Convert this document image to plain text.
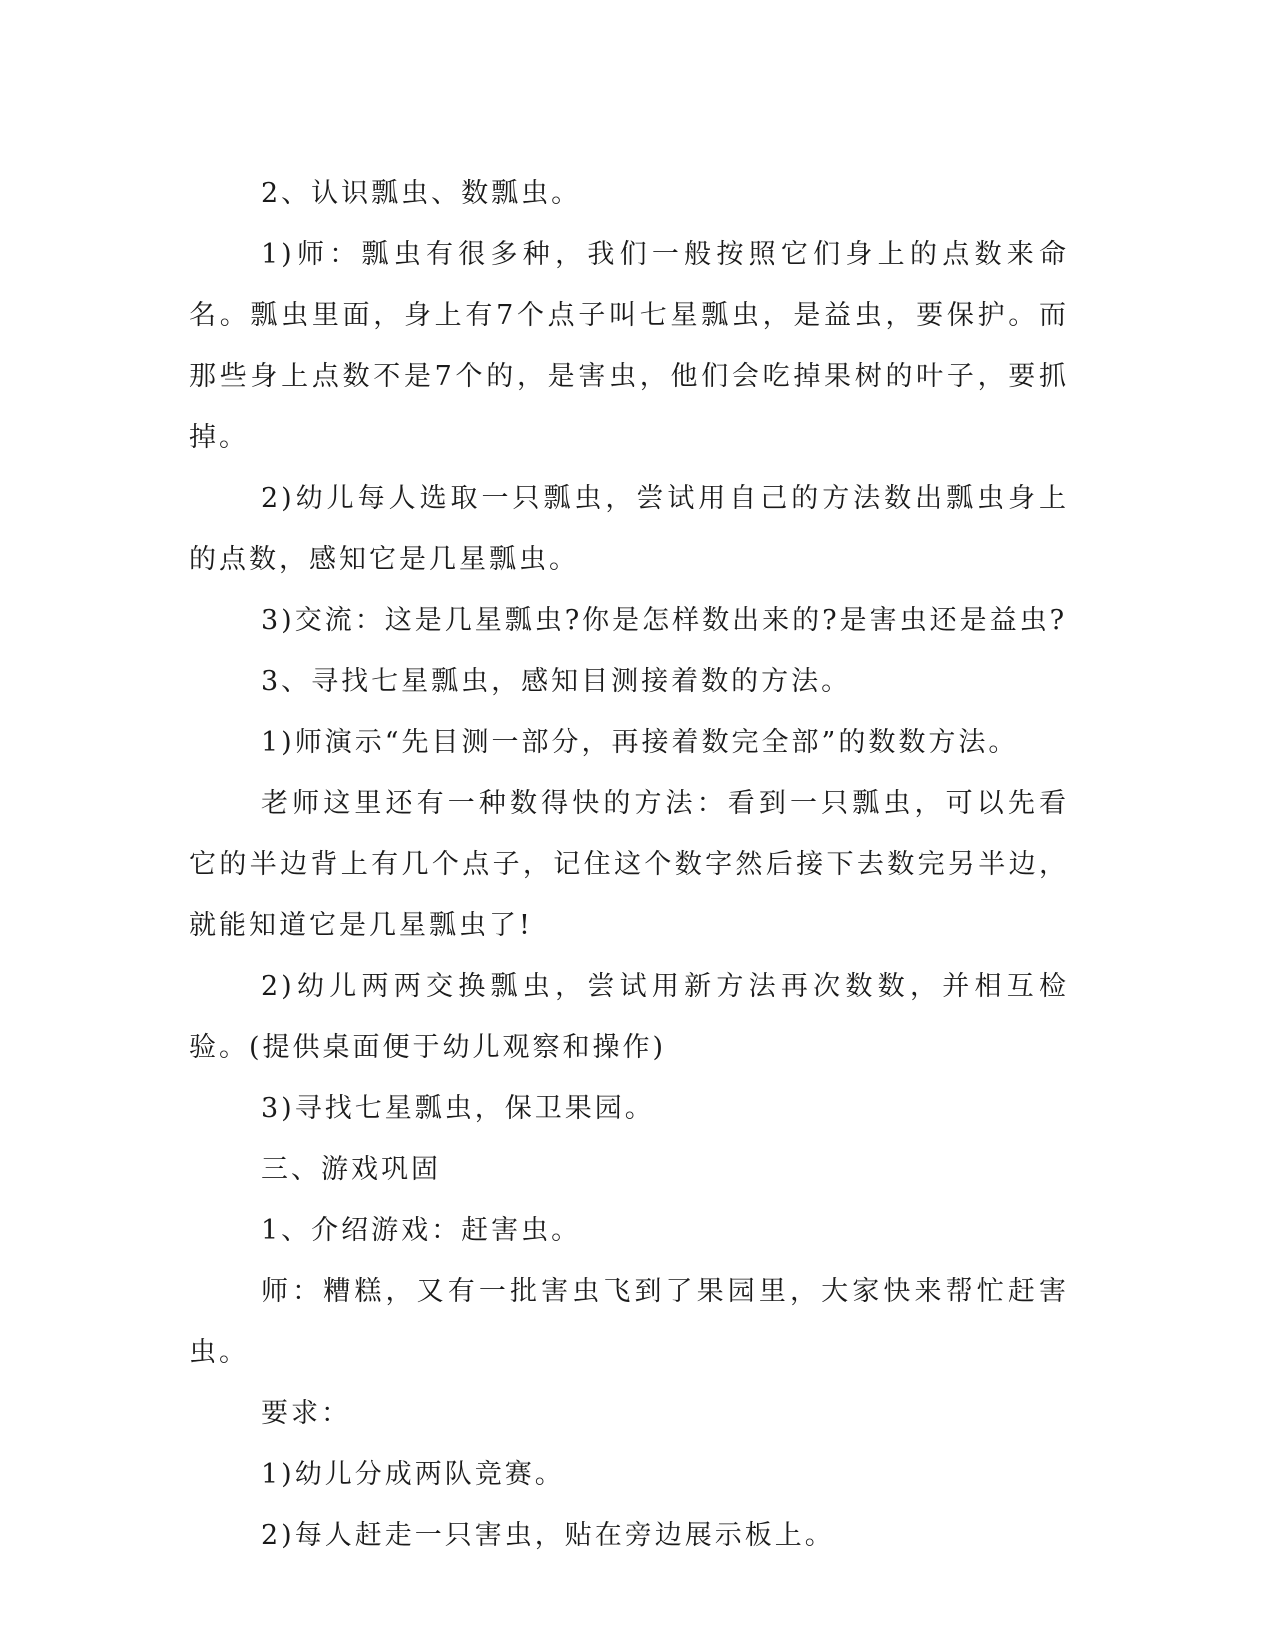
2、认识瓢虫、数瓢虫。

1)师：瓢虫有很多种，我们一般按照它们身上的点数来命名。瓢虫里面，身上有7个点子叫七星瓢虫，是益虫，要保护。而那些身上点数不是7个的，是害虫，他们会吃掉果树的叶子，要抓掉。

2)幼儿每人选取一只瓢虫，尝试用自己的方法数出瓢虫身上的点数，感知它是几星瓢虫。

3)交流：这是几星瓢虫?你是怎样数出来的?是害虫还是益虫?

3、寻找七星瓢虫，感知目测接着数的方法。

1)师演示“先目测一部分，再接着数完全部”的数数方法。

老师这里还有一种数得快的方法：看到一只瓢虫，可以先看它的半边背上有几个点子，记住这个数字然后接下去数完另半边，就能知道它是几星瓢虫了!

2)幼儿两两交换瓢虫，尝试用新方法再次数数，并相互检验。(提供桌面便于幼儿观察和操作)

3)寻找七星瓢虫，保卫果园。

三、游戏巩固

1、介绍游戏：赶害虫。

师：糟糕，又有一批害虫飞到了果园里，大家快来帮忙赶害虫。

要求：

1)幼儿分成两队竞赛。

2)每人赶走一只害虫，贴在旁边展示板上。
